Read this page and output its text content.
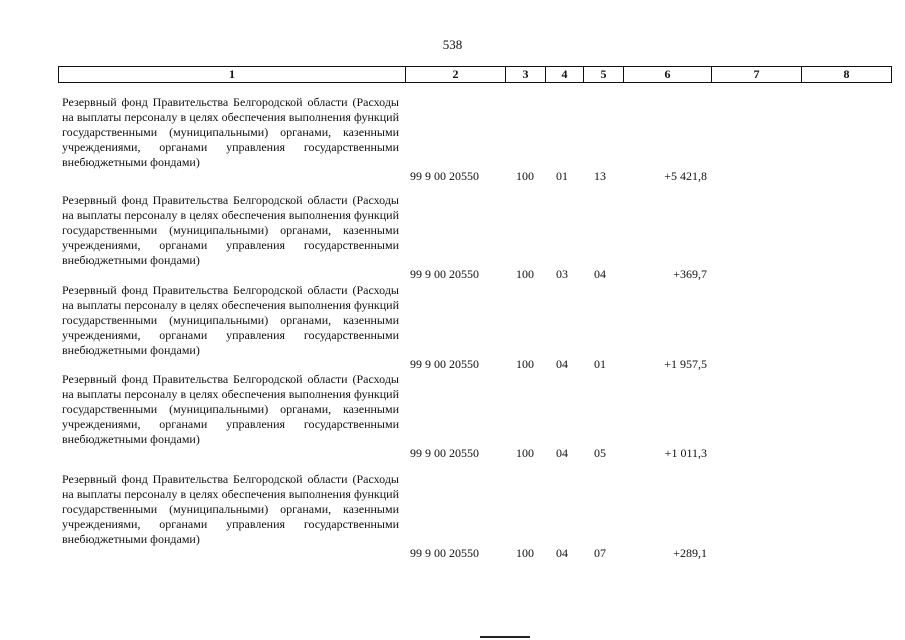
538
1	2	3	4	5	6	7	8
Резервный фонд Правительства Белгородской области (Расходы на выплаты персоналу в целях обеспечения выполнения функций государственными (муниципальными) органами, казенными учреждениями, органами управления государственными внебюджетными фондами)
99 9 00 20550	100 01 13	+5 421,8
Резервный фонд Правительства Белгородской области (Расходы на выплаты персоналу в целях обеспечения выполнения функций государственными (муниципальными) органами, казенными учреждениями, органами управления государственными внебюджетными фондами)
99 9 00 20550	100 03 04	+369,7
Резервный фонд Правительства Белгородской области (Расходы на выплаты персоналу в целях обеспечения выполнения функций государственными (муниципальными) органами, казенными учреждениями, органами управления государственными внебюджетными фондами)
99 9 00 20550	100 04 01	+1 957,5
Резервный фонд Правительства Белгородской области (Расходы на выплаты персоналу в целях обеспечения выполнения функций государственными (муниципальными) органами, казенными учреждениями, органами управления государственными внебюджетными фондами)
99 9 00 20550	100 04 05	+1 011,3
Резервный фонд Правительства Белгородской области (Расходы на выплаты персоналу в целях обеспечения выполнения функций государственными (муниципальными) органами, казенными учреждениями, органами управления государственными внебюджетными фондами)
99 9 00 20550	100 04 07	+289,1
